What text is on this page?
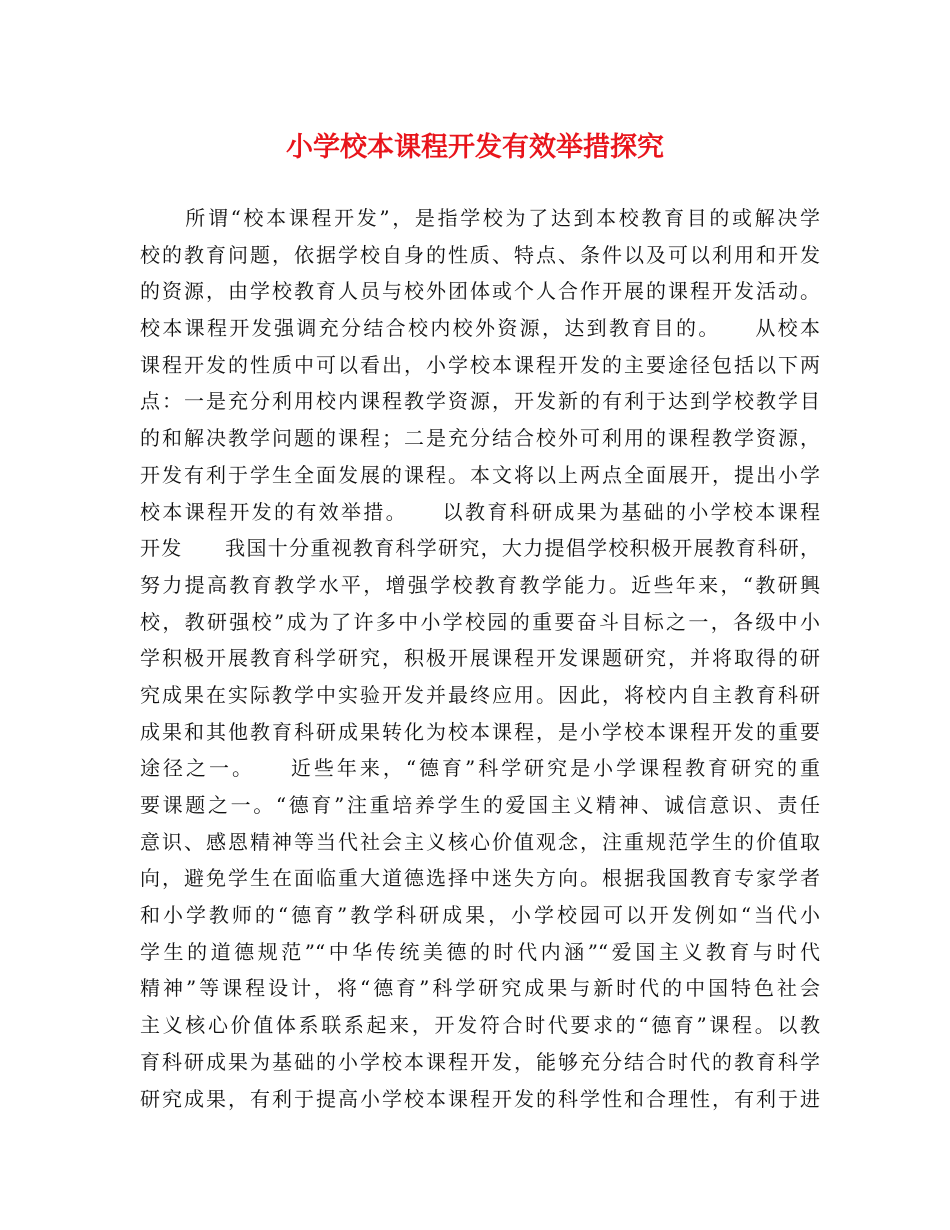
小学校本课程开发有效举措探究
　　所谓“校本课程开发”，是指学校为了达到本校教育目的或解决学
校的教育问题，依据学校自身的性质、特点、条件以及可以利用和开发
的资源，由学校教育人员与校外团体或个人合作开展的课程开发活动。
校本课程开发强调充分结合校内校外资源，达到教育目的。　　从校本
课程开发的性质中可以看出，小学校本课程开发的主要途径包括以下两
点：一是充分利用校内课程教学资源，开发新的有利于达到学校教学目
的和解决教学问题的课程；二是充分结合校外可利用的课程教学资源，
开发有利于学生全面发展的课程。本文将以上两点全面展开，提出小学
校本课程开发的有效举措。　　以教育科研成果为基础的小学校本课程
开发　　我国十分重视教育科学研究，大力提倡学校积极开展教育科研，
努力提高教育教学水平，增强学校教育教学能力。近些年来，“教研興
校，教研强校”成为了许多中小学校园的重要奋斗目标之一，各级中小
学积极开展教育科学研究，积极开展课程开发课题研究，并将取得的研
究成果在实际教学中实验开发并最终应用。因此，将校内自主教育科研
成果和其他教育科研成果转化为校本课程，是小学校本课程开发的重要
途径之一。　　近些年来，“德育”科学研究是小学课程教育研究的重
要课题之一。“德育”注重培养学生的爱国主义精神、诚信意识、责任
意识、感恩精神等当代社会主义核心价值观念，注重规范学生的价值取
向，避免学生在面临重大道德选择中迷失方向。根据我国教育专家学者
和小学教师的“德育”教学科研成果，小学校园可以开发例如“当代小
学生的道德规范”“中华传统美德的时代内涵”“爱国主义教育与时代
精神”等课程设计，将“德育”科学研究成果与新时代的中国特色社会
主义核心价值体系联系起来，开发符合时代要求的“德育”课程。以教
育科研成果为基础的小学校本课程开发，能够充分结合时代的教育科学
研究成果，有利于提高小学校本课程开发的科学性和合理性，有利于进
